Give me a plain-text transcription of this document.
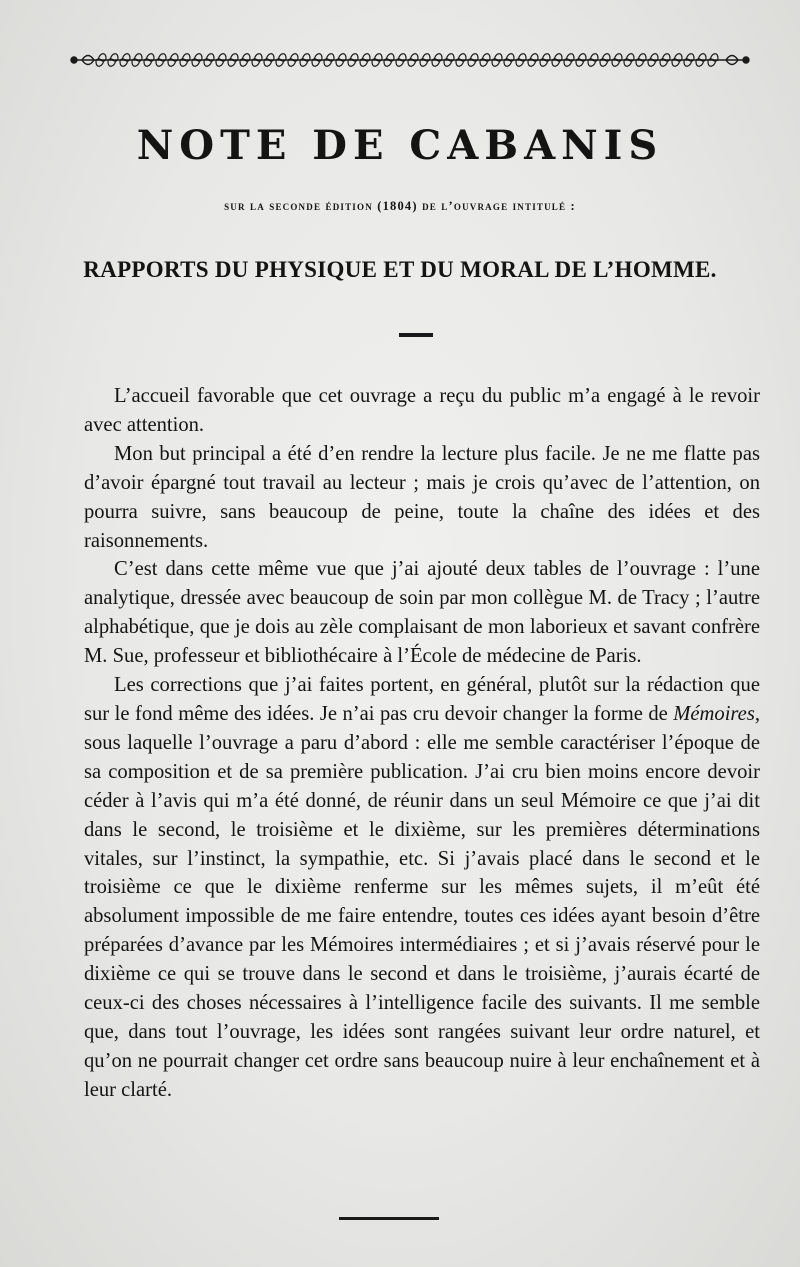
NOTE DE CABANIS
sur la seconde édition (1804) de l’ouvrage intitulé :
RAPPORTS DU PHYSIQUE ET DU MORAL DE L’HOMME.

L’accueil favorable que cet ouvrage a reçu du public m’a engagé à le revoir avec attention.

Mon but principal a été d’en rendre la lecture plus facile. Je ne me flatte pas d’avoir épargné tout travail au lecteur ; mais je crois qu’avec de l’attention, on pourra suivre, sans beaucoup de peine, toute la chaîne des idées et des raisonnements.

C’est dans cette même vue que j’ai ajouté deux tables de l’ouvrage : l’une analytique, dressée avec beaucoup de soin par mon collègue M. de Tracy ; l’autre alphabétique, que je dois au zèle complaisant de mon laborieux et savant confrère M. Sue, professeur et bibliothécaire à l’École de médecine de Paris.

Les corrections que j’ai faites portent, en général, plutôt sur la rédaction que sur le fond même des idées. Je n’ai pas cru devoir changer la forme de Mémoires, sous laquelle l’ouvrage a paru d’abord : elle me semble caractériser l’époque de sa composition et de sa première publication. J’ai cru bien moins encore devoir céder à l’avis qui m’a été donné, de réunir dans un seul Mémoire ce que j’ai dit dans le second, le troisième et le dixième, sur les premières déterminations vitales, sur l’instinct, la sympathie, etc. Si j’avais placé dans le second et le troisième ce que le dixième renferme sur les mêmes sujets, il m’eût été absolument impossible de me faire entendre, toutes ces idées ayant besoin d’être préparées d’avance par les Mémoires intermédiaires ; et si j’avais réservé pour le dixième ce qui se trouve dans le second et dans le troisième, j’aurais écarté de ceux-ci des choses nécessaires à l’intelligence facile des suivants. Il me semble que, dans tout l’ouvrage, les idées sont rangées suivant leur ordre naturel, et qu’on ne pourrait changer cet ordre sans beaucoup nuire à leur enchaînement et à leur clarté.
